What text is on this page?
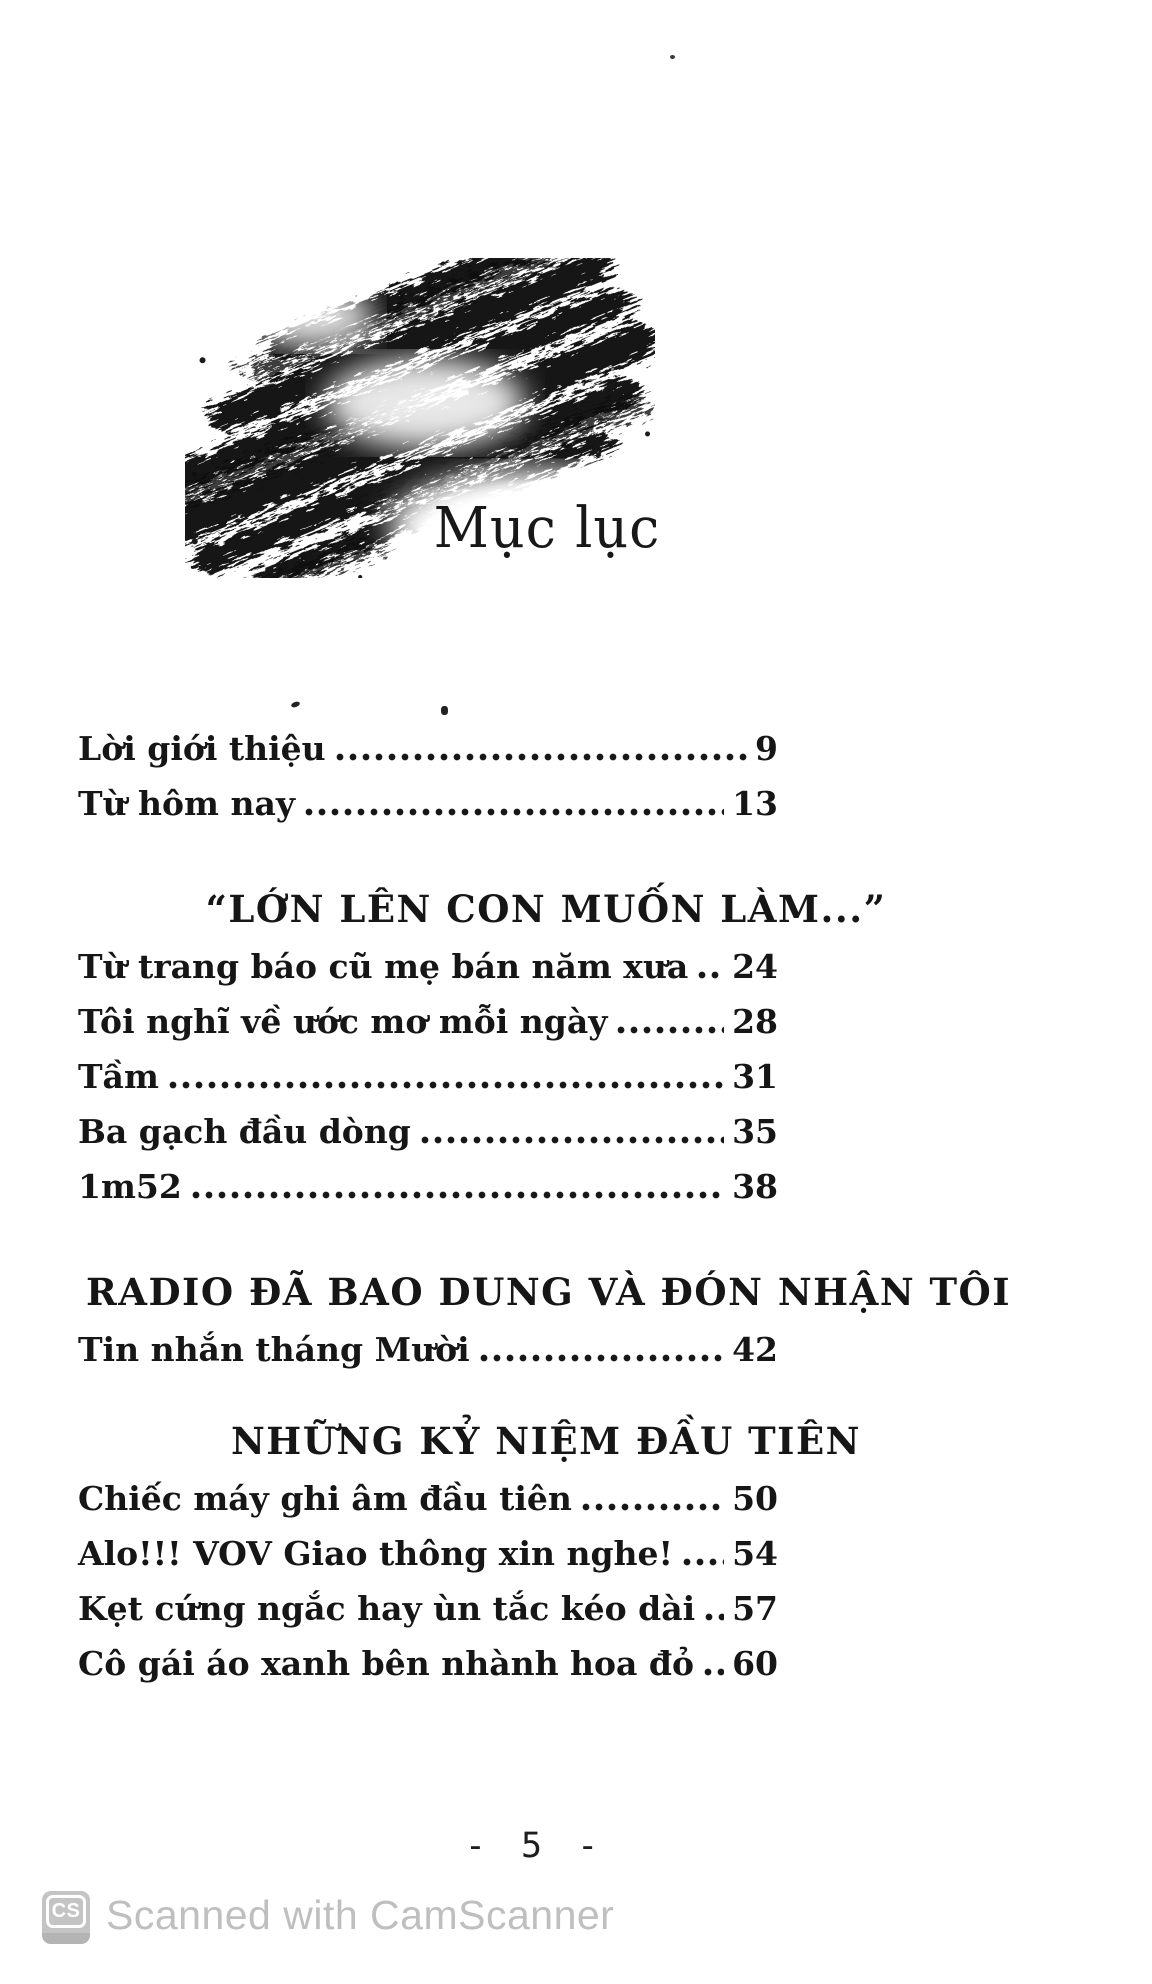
Mục lục
Lời giới thiệu	9
Từ hôm nay	13
“LỚN LÊN CON MUỐN LÀM...”
Từ trang báo cũ mẹ bán năm xưa 24
Tôi nghĩ về ước mơ mỗi ngày	28
Tầm	31
Ba gạch đầu dòng	35
1m52	38
RADIO ĐÃ BAO DUNG VÀ ĐÓN NHẬN TÔI
Tin nhắn tháng Mười	42
NHỮNG KỶ NIỆM ĐẦU TIÊN
Chiếc máy ghi âm đầu tiên	50
Alo!!! VOV Giao thông xin nghe! 54
Kẹt cứng ngắc hay ùn tắc kéo dài 57
Cô gái áo xanh bên nhành hoa đỏ 60
- 5 -
CS Scanned with CamScanner
